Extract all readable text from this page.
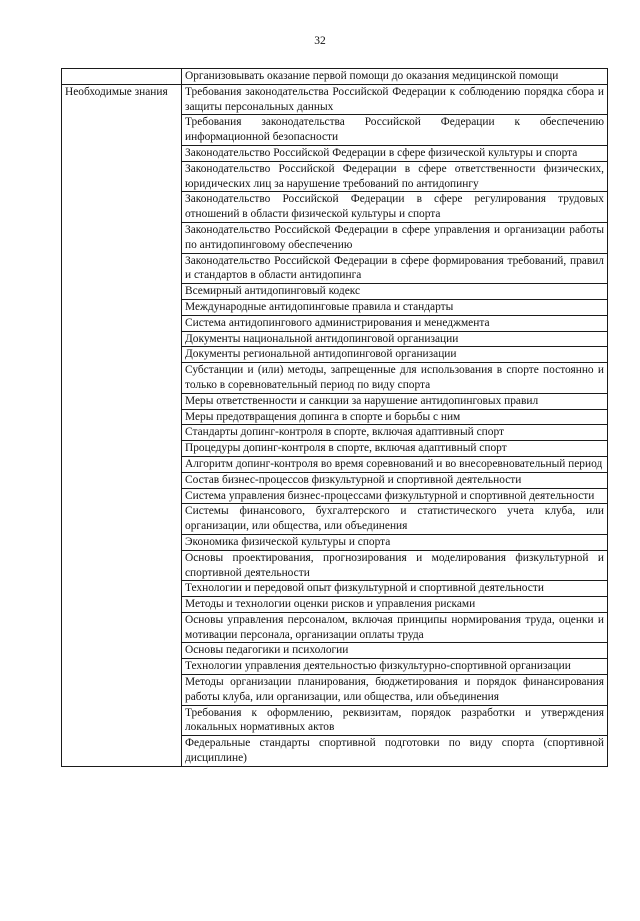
32
	Организовывать оказание первой помощи до оказания медицинской помощи
Необходимые знания	Требования законодательства Российской Федерации к соблюдению порядка сбора и защиты персональных данных
	Требования законодательства Российской Федерации к обеспечению информационной безопасности
	Законодательство Российской Федерации в сфере физической культуры и спорта
	Законодательство Российской Федерации в сфере ответственности физических, юридических лиц за нарушение требований по антидопингу
	Законодательство Российской Федерации в сфере регулирования трудовых отношений в области физической культуры и спорта
	Законодательство Российской Федерации в сфере управления и организации работы по антидопинговому обеспечению
	Законодательство Российской Федерации в сфере формирования требований, правил и стандартов в области антидопинга
	Всемирный антидопинговый кодекс
	Международные антидопинговые правила и стандарты
	Система антидопингового администрирования и менеджмента
	Документы национальной антидопинговой организации
	Документы региональной антидопинговой организации
	Субстанции и (или) методы, запрещенные для использования в спорте постоянно и только в соревновательный период по виду спорта
	Меры ответственности и санкции за нарушение антидопинговых правил
	Меры предотвращения допинга в спорте и борьбы с ним
	Стандарты допинг-контроля в спорте, включая адаптивный спорт
	Процедуры допинг-контроля в спорте, включая адаптивный спорт
	Алгоритм допинг-контроля во время соревнований и во внесоревновательный период
	Состав бизнес-процессов физкультурной и спортивной деятельности
	Система управления бизнес-процессами физкультурной и спортивной деятельности
	Системы финансового, бухгалтерского и статистического учета клуба, или организации, или общества, или объединения
	Экономика физической культуры и спорта
	Основы проектирования, прогнозирования и моделирования физкультурной и спортивной деятельности
	Технологии и передовой опыт физкультурной и спортивной деятельности
	Методы и технологии оценки рисков и управления рисками
	Основы управления персоналом, включая принципы нормирования труда, оценки и мотивации персонала, организации оплаты труда
	Основы педагогики и психологии
	Технологии управления деятельностью физкультурно-спортивной организации
	Методы организации планирования, бюджетирования и порядок финансирования работы клуба, или организации, или общества, или объединения
	Требования к оформлению, реквизитам, порядок разработки и утверждения локальных нормативных актов
	Федеральные стандарты спортивной подготовки по виду спорта (спортивной дисциплине)
